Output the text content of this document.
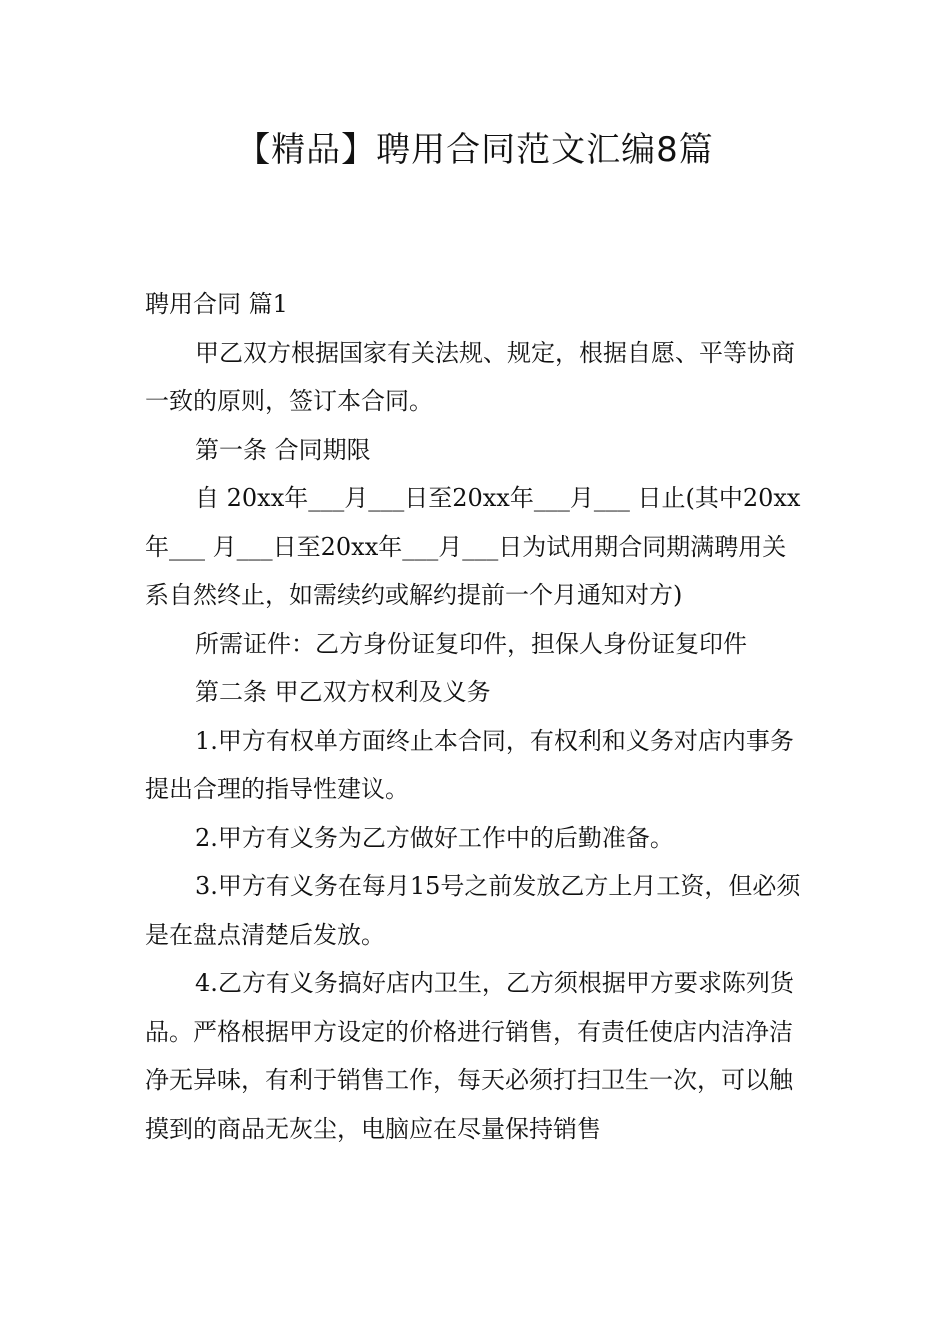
【精品】聘用合同范文汇编8篇

聘用合同 篇1

甲乙双方根据国家有关法规、规定，根据自愿、平等协商一致的原则，签订本合同。

第一条 合同期限

自 20xx年___月___日至20xx年___月___ 日止(其中20xx年___ 月___日至20xx年___月___日为试用期合同期满聘用关系自然终止，如需续约或解约提前一个月通知对方)

所需证件：乙方身份证复印件，担保人身份证复印件

第二条 甲乙双方权利及义务

1.甲方有权单方面终止本合同，有权利和义务对店内事务提出合理的指导性建议。

2.甲方有义务为乙方做好工作中的后勤准备。

3.甲方有义务在每月15号之前发放乙方上月工资，但必须是在盘点清楚后发放。

4.乙方有义务搞好店内卫生，乙方须根据甲方要求陈列货品。严格根据甲方设定的价格进行销售，有责任使店内洁净洁净无异味，有利于销售工作，每天必须打扫卫生一次，可以触摸到的商品无灰尘，电脑应在尽量保持销售
